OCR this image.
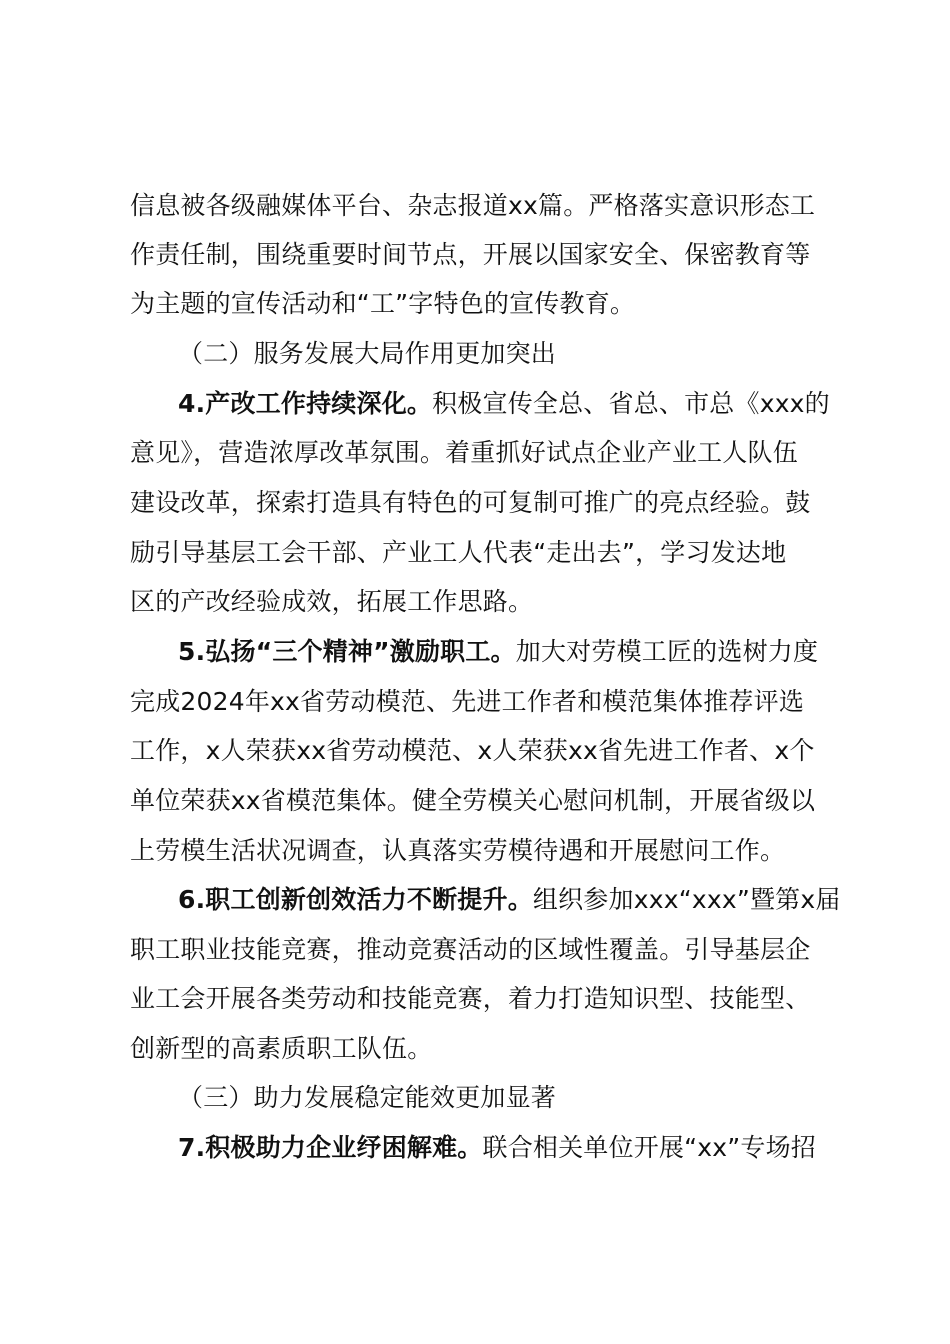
信息被各级融媒体平台、杂志报道xx篇。严格落实意识形态工
作责任制，围绕重要时间节点，开展以国家安全、保密教育等
为主题的宣传活动和“工”字特色的宣传教育。
（二）服务发展大局作用更加突出
4.产改工作持续深化。积极宣传全总、省总、市总《xxx的
意见》，营造浓厚改革氛围。着重抓好试点企业产业工人队伍
建设改革，探索打造具有特色的可复制可推广的亮点经验。鼓
励引导基层工会干部、产业工人代表“走出去”，学习发达地
区的产改经验成效，拓展工作思路。
5.弘扬“三个精神”激励职工。加大对劳模工匠的选树力度
完成2024年xx省劳动模范、先进工作者和模范集体推荐评选
工作，x人荣获xx省劳动模范、x人荣获xx省先进工作者、x个
单位荣获xx省模范集体。健全劳模关心慰问机制，开展省级以
上劳模生活状况调查，认真落实劳模待遇和开展慰问工作。
6.职工创新创效活力不断提升。组织参加xxx“xxx”暨第x届
职工职业技能竞赛，推动竞赛活动的区域性覆盖。引导基层企
业工会开展各类劳动和技能竞赛，着力打造知识型、技能型、
创新型的高素质职工队伍。
（三）助力发展稳定能效更加显著
7.积极助力企业纾困解难。联合相关单位开展“xx”专场招
